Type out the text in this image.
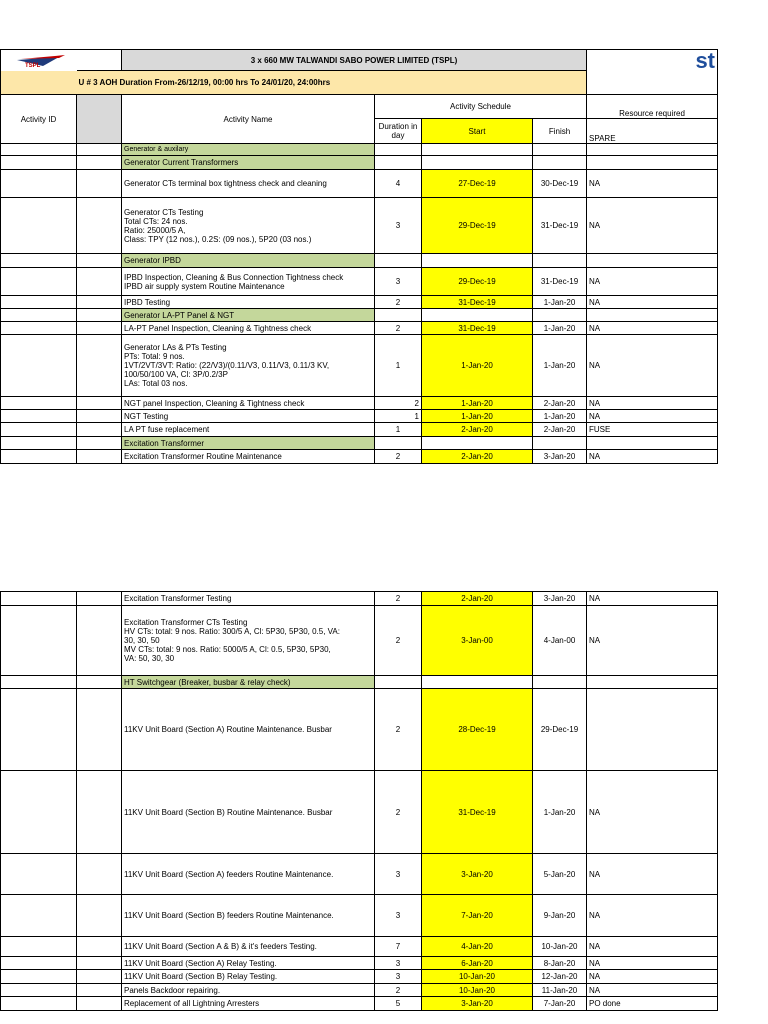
TSPL		3 x 660 MW TALWANDI SABO POWER LIMITED (TSPL)				st

	U # 3 AOH Duration From-26/12/19, 00:00 hrs To 24/01/20, 24:00hrs					
Activity ID		Activity Name	Activity Schedule			Resource required
			Duration in day	Start	Finish	SPARE
		Generator & auxilary				
		Generator Current Transformers				
		Generator CTs terminal box tightness check and cleaning	4	27-Dec-19	30-Dec-19	NA
		Generator CTs Testing
Total CTs: 24 nos.
Ratio: 25000/5 A,
Class: TPY (12 nos.), 0.2S: (09 nos.), 5P20 (03 nos.)	3	29-Dec-19	31-Dec-19	NA
		Generator IPBD				
		IPBD Inspection, Cleaning & Bus Connection Tightness check
IPBD air supply system Routine Maintenance	3	29-Dec-19	31-Dec-19	NA
		IPBD Testing	2	31-Dec-19	1-Jan-20	NA
		Generator LA-PT Panel & NGT				
		LA-PT Panel Inspection, Cleaning & Tightness check	2	31-Dec-19	1-Jan-20	NA
		Generator LAs & PTs Testing
PTs: Total: 9 nos.
1VT/2VT/3VT: Ratio: (22/V3)/(0.11/V3, 0.11/V3, 0.11/3 KV,
100/50/100 VA, Cl: 3P/0.2/3P
LAs: Total 03 nos.	1	1-Jan-20	1-Jan-20	NA
		NGT panel Inspection, Cleaning & Tightness check	2	1-Jan-20	2-Jan-20	NA
		NGT Testing	1	1-Jan-20	1-Jan-20	NA
		LA PT fuse replacement	1	2-Jan-20	2-Jan-20	FUSE
		Excitation Transformer				
		Excitation Transformer Routine Maintenance	2	2-Jan-20	3-Jan-20	NA
		Excitation Transformer Testing	2	2-Jan-20	3-Jan-20	NA
		Excitation Transformer CTs Testing
HV CTs: total: 9 nos. Ratio: 300/5 A, Cl: 5P30, 5P30, 0.5, VA:
30, 30, 50
MV CTs: total: 9 nos. Ratio: 5000/5 A, Cl: 0.5, 5P30, 5P30,
VA: 50, 30, 30	2	3-Jan-00	4-Jan-00	NA
		HT Switchgear (Breaker, busbar & relay check)				
		11KV Unit Board (Section A) Routine Maintenance. Busbar	2	28-Dec-19	29-Dec-19	
		11KV Unit Board (Section B) Routine Maintenance. Busbar	2	31-Dec-19	1-Jan-20	NA
		11KV Unit Board (Section A) feeders Routine Maintenance.	3	3-Jan-20	5-Jan-20	NA
		11KV Unit Board (Section B) feeders Routine Maintenance.	3	7-Jan-20	9-Jan-20	NA
		11KV Unit Board (Section A & B) & it's feeders Testing.	7	4-Jan-20	10-Jan-20	NA
		11KV Unit Board (Section A) Relay Testing.	3	6-Jan-20	8-Jan-20	NA
		11KV Unit Board (Section B) Relay Testing.	3	10-Jan-20	12-Jan-20	NA
		Panels Backdoor repairing.	2	10-Jan-20	11-Jan-20	NA
		Replacement of all Lightning Arresters	5	3-Jan-20	7-Jan-20	PO done
